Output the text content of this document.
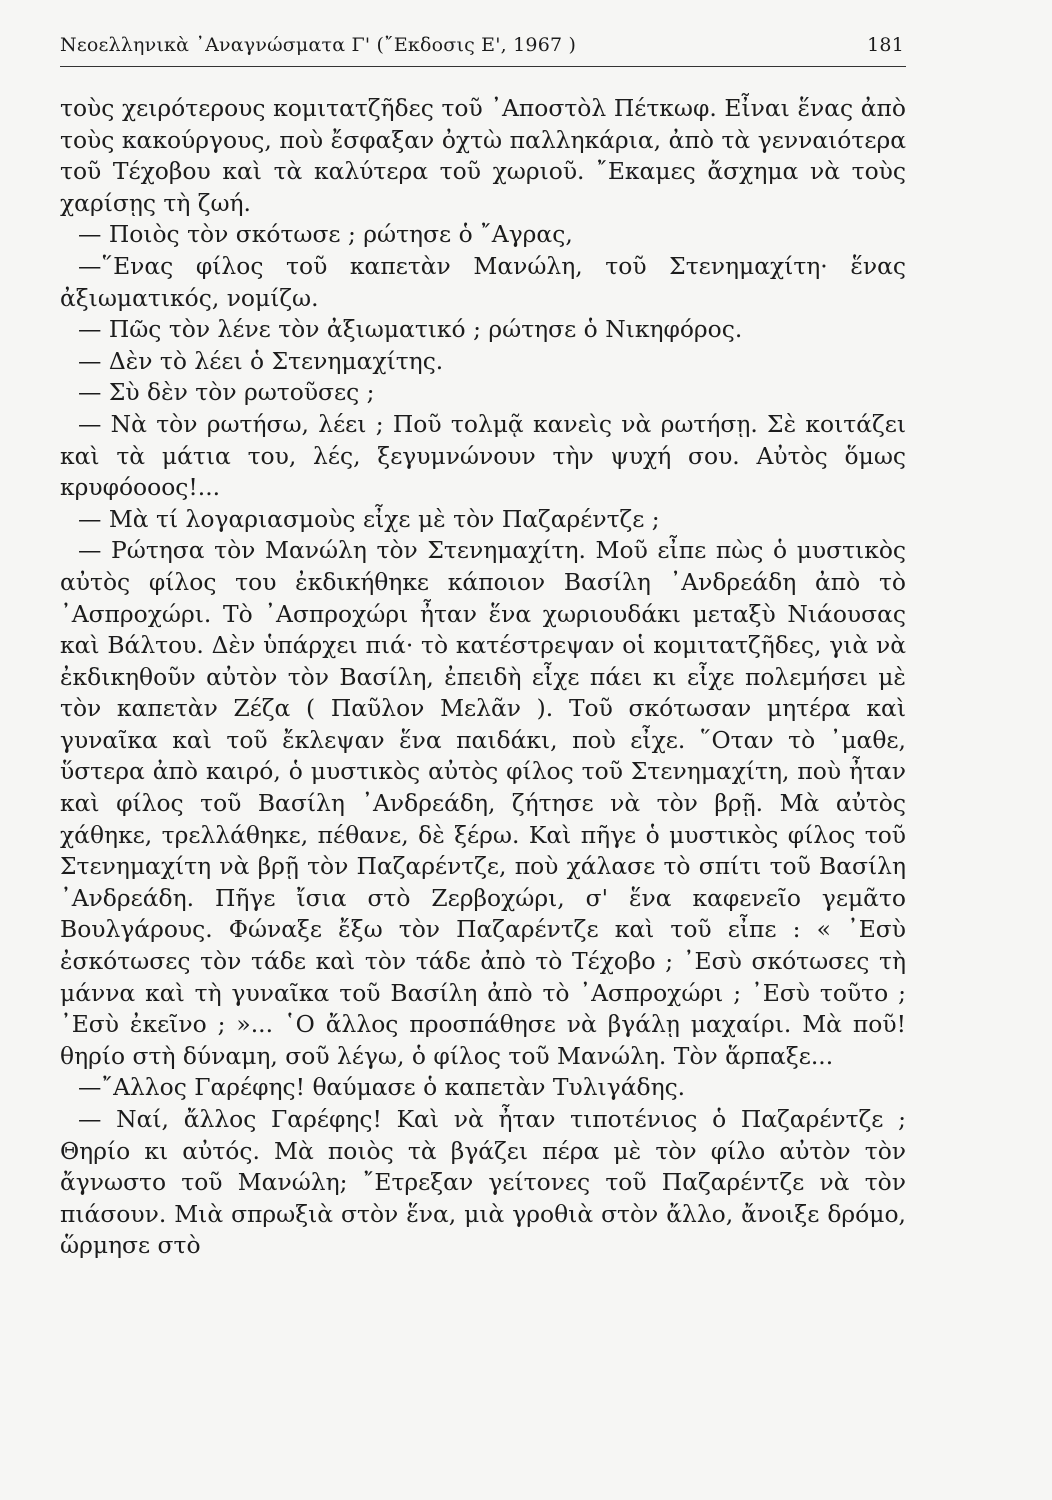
Νεοελληνικὰ ᾿Αναγνώσματα Γ' (῎Εκδοσις Ε', 1967 )	181

τοὺς χειρότερους κομιτατζῆδες τοῦ ᾿Αποστὸλ Πέτκωφ. Εἶναι ἕνας ἀπὸ τοὺς κακούργους, ποὺ ἔσφαξαν ὀχτὼ παλληκάρια, ἀπὸ τὰ γενναιότερα τοῦ Τέχοβου καὶ τὰ καλύτερα τοῦ χωριοῦ. ῎Εκαμες ἄσχημα νὰ τοὺς χαρίσῃς τὴ ζωή.

— Ποιὸς τὸν σκότωσε ; ρώτησε ὁ ῎Αγρας,

—῞Ενας φίλος τοῦ καπετὰν Μανώλη, τοῦ Στενημαχίτη· ἕνας ἀξιωματικός, νομίζω.

— Πῶς τὸν λένε τὸν ἀξιωματικό ; ρώτησε ὁ Νικηφόρος.

— Δὲν τὸ λέει ὁ Στενημαχίτης.

— Σὺ δὲν τὸν ρωτοῦσες ;

— Νὰ τὸν ρωτήσω, λέει ; Ποῦ τολμᾷ κανεὶς νὰ ρωτήσῃ. Σὲ κοιτάζει καὶ τὰ μάτια του, λές, ξεγυμνώνουν τὴν ψυχή σου. Αὐτὸς ὅμως κρυφόοοος!...

— Μὰ τί λογαριασμοὺς εἶχε μὲ τὸν Παζαρέντζε ;

— Ρώτησα τὸν Μανώλη τὸν Στενημαχίτη. Μοῦ εἶπε πὼς ὁ μυστικὸς αὐτὸς φίλος του ἐκδικήθηκε κάποιον Βασίλη ᾿Ανδρεάδη ἀπὸ τὸ ᾿Ασπροχώρι. Τὸ ᾿Ασπροχώρι ἦταν ἕνα χωριουδάκι μεταξὺ Νιάουσας καὶ Βάλτου. Δὲν ὑπάρχει πιά· τὸ κατέστρεψαν οἱ κομιτατζῆδες, γιὰ νὰ ἐκδικηθοῦν αὐτὸν τὸν Βασίλη, ἐπειδὴ εἶχε πάει κι εἶχε πολεμήσει μὲ τὸν καπετὰν Ζέζα ( Παῦλον Μελᾶν ). Τοῦ σκότωσαν μητέρα καὶ γυναῖκα καὶ τοῦ ἔκλεψαν ἕνα παιδάκι, ποὺ εἶχε. ῞Οταν τὸ ᾿μαθε, ὕστερα ἀπὸ καιρό, ὁ μυστικὸς αὐτὸς φίλος τοῦ Στενημαχίτη, ποὺ ἦταν καὶ φίλος τοῦ Βασίλη ᾿Ανδρεάδη, ζήτησε νὰ τὸν βρῇ. Μὰ αὐτὸς χάθηκε, τρελλάθηκε, πέθανε, δὲ ξέρω. Καὶ πῆγε ὁ μυστικὸς φίλος τοῦ Στενημαχίτη νὰ βρῇ τὸν Παζαρέντζε, ποὺ χάλασε τὸ σπίτι τοῦ Βασίλη ᾿Ανδρεάδη. Πῆγε ἴσια στὸ Ζερβοχώρι, σ' ἕνα καφενεῖο γεμᾶτο Βουλγάρους. Φώναξε ἔξω τὸν Παζαρέντζε καὶ τοῦ εἶπε : « ᾿Εσὺ ἐσκότωσες τὸν τάδε καὶ τὸν τάδε ἀπὸ τὸ Τέχοβο ; ᾿Εσὺ σκότωσες τὴ μάννα καὶ τὴ γυναῖκα τοῦ Βασίλη ἀπὸ τὸ ᾿Ασπροχώρι ; ᾿Εσὺ τοῦτο ; ᾿Εσὺ ἐκεῖνο ; »... ῾Ο ἄλλος προσπάθησε νὰ βγάλῃ μαχαίρι. Μὰ ποῦ! θηρίο στὴ δύναμη, σοῦ λέγω, ὁ φίλος τοῦ Μανώλη. Τὸν ἅρπαξε...

—῎Αλλος Γαρέφης! θαύμασε ὁ καπετὰν Τυλιγάδης.

— Ναί, ἄλλος Γαρέφης! Καὶ νὰ ἦταν τιποτένιος ὁ Παζαρέντζε ; Θηρίο κι αὐτός. Μὰ ποιὸς τὰ βγάζει πέρα μὲ τὸν φίλο αὐτὸν τὸν ἄγνωστο τοῦ Μανώλη; ῎Ετρεξαν γείτονες τοῦ Παζαρέντζε νὰ τὸν πιάσουν. Μιὰ σπρωξιὰ στὸν ἕνα, μιὰ γροθιὰ στὸν ἄλλο, ἄνοιξε δρόμο, ὥρμησε στὸ
